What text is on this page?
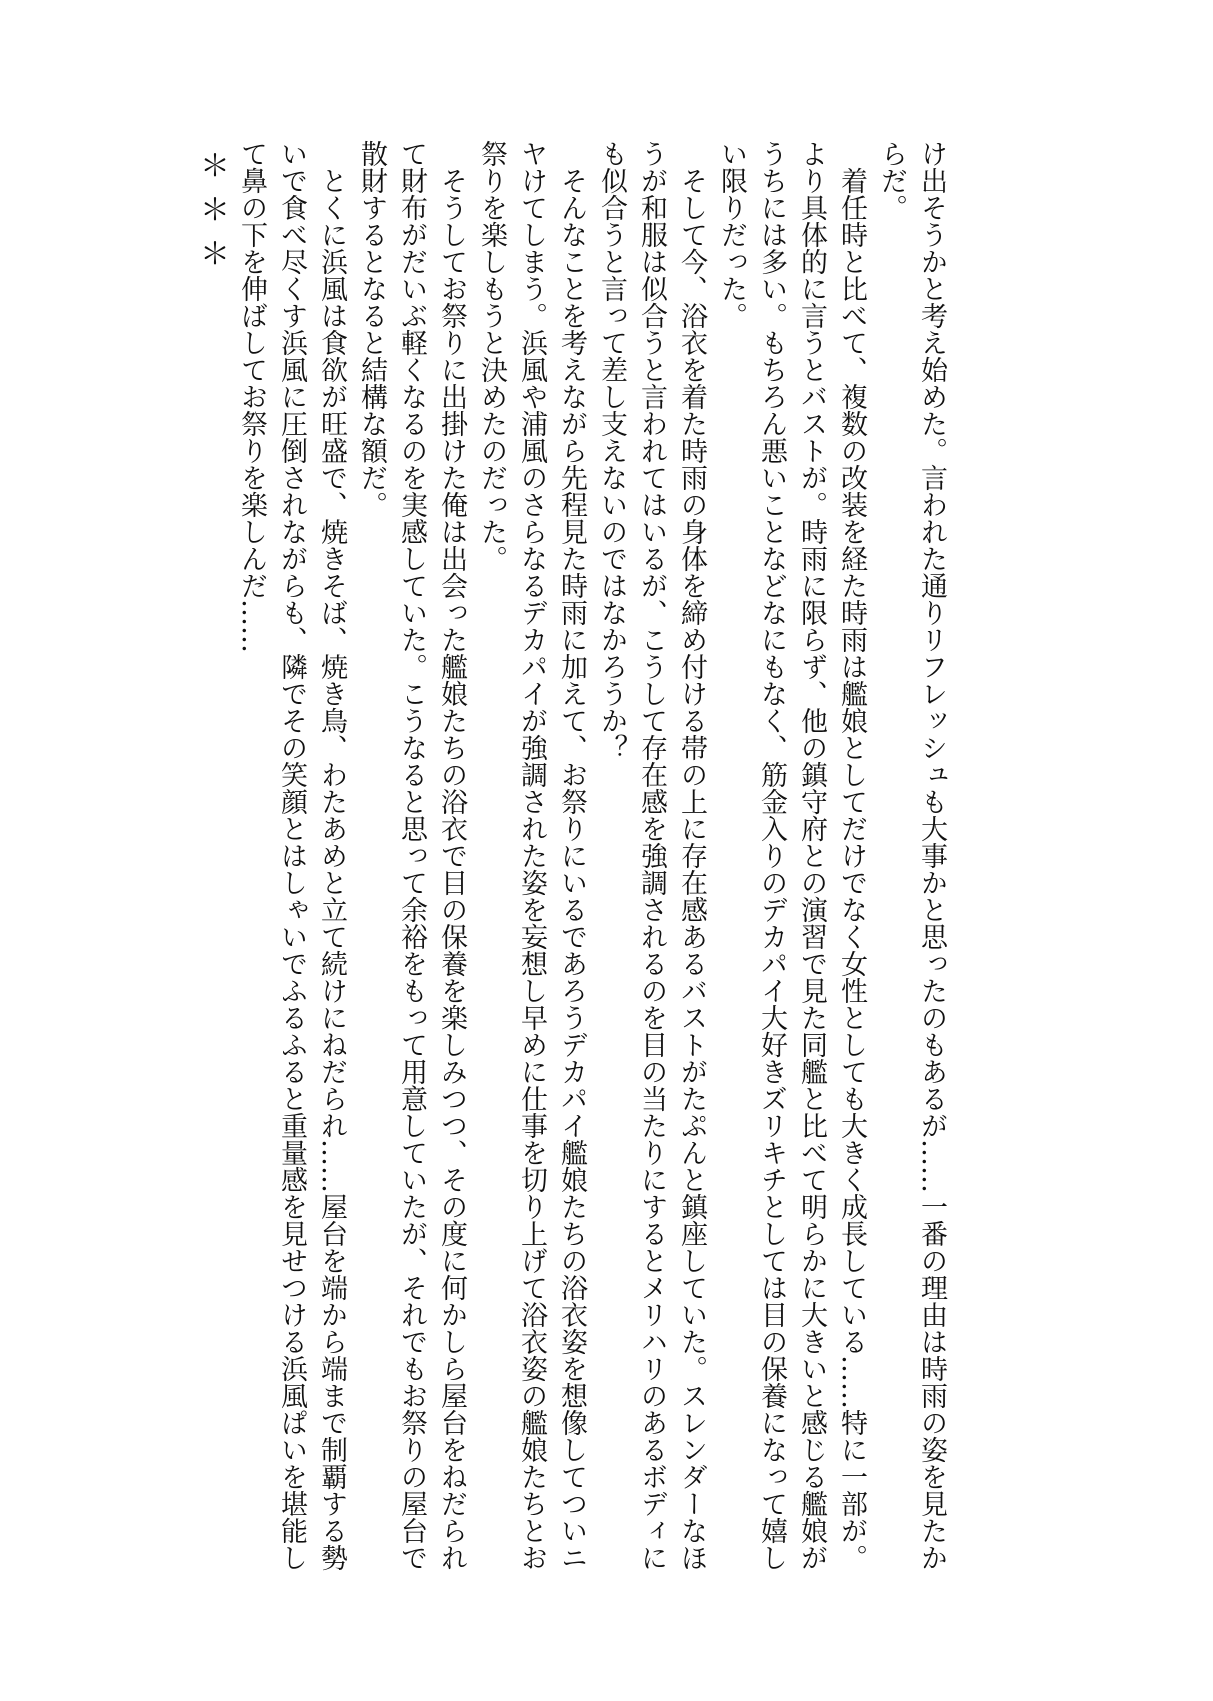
け出そうかと考え始めた。言われた通りリフレッシュも大事かと思ったのもあるが……一番の理由は時雨の姿を見たか
らだ。
　着任時と比べて、複数の改装を経た時雨は艦娘としてだけでなく女性としても大きく成長している……特に一部が。
より具体的に言うとバストが。時雨に限らず、他の鎮守府との演習で見た同艦と比べて明らかに大きいと感じる艦娘が
うちには多い。もちろん悪いことなどなにもなく、筋金入りのデカパイ大好きズリキチとしては目の保養になって嬉し
い限りだった。
　そして今、浴衣を着た時雨の身体を締め付ける帯の上に存在感あるバストがたぷんと鎮座していた。スレンダーなほ
うが和服は似合うと言われてはいるが、こうして存在感を強調されるのを目の当たりにするとメリハリのあるボディに
も似合うと言って差し支えないのではなかろうか？
　そんなことを考えながら先程見た時雨に加えて、お祭りにいるであろうデカパイ艦娘たちの浴衣姿を想像してついニ
ヤけてしまう。浜風や浦風のさらなるデカパイが強調された姿を妄想し早めに仕事を切り上げて浴衣姿の艦娘たちとお
祭りを楽しもうと決めたのだった。
　そうしてお祭りに出掛けた俺は出会った艦娘たちの浴衣で目の保養を楽しみつつ、その度に何かしら屋台をねだられ
て財布がだいぶ軽くなるのを実感していた。こうなると思って余裕をもって用意していたが、それでもお祭りの屋台で
散財するとなると結構な額だ。
　とくに浜風は食欲が旺盛で、焼きそば、焼き鳥、わたあめと立て続けにねだられ……屋台を端から端まで制覇する勢
いで食べ尽くす浜風に圧倒されながらも、隣でその笑顔とはしゃいでふるふると重量感を見せつける浜風ぱいを堪能し
て鼻の下を伸ばしてお祭りを楽しんだ……
＊＊＊
